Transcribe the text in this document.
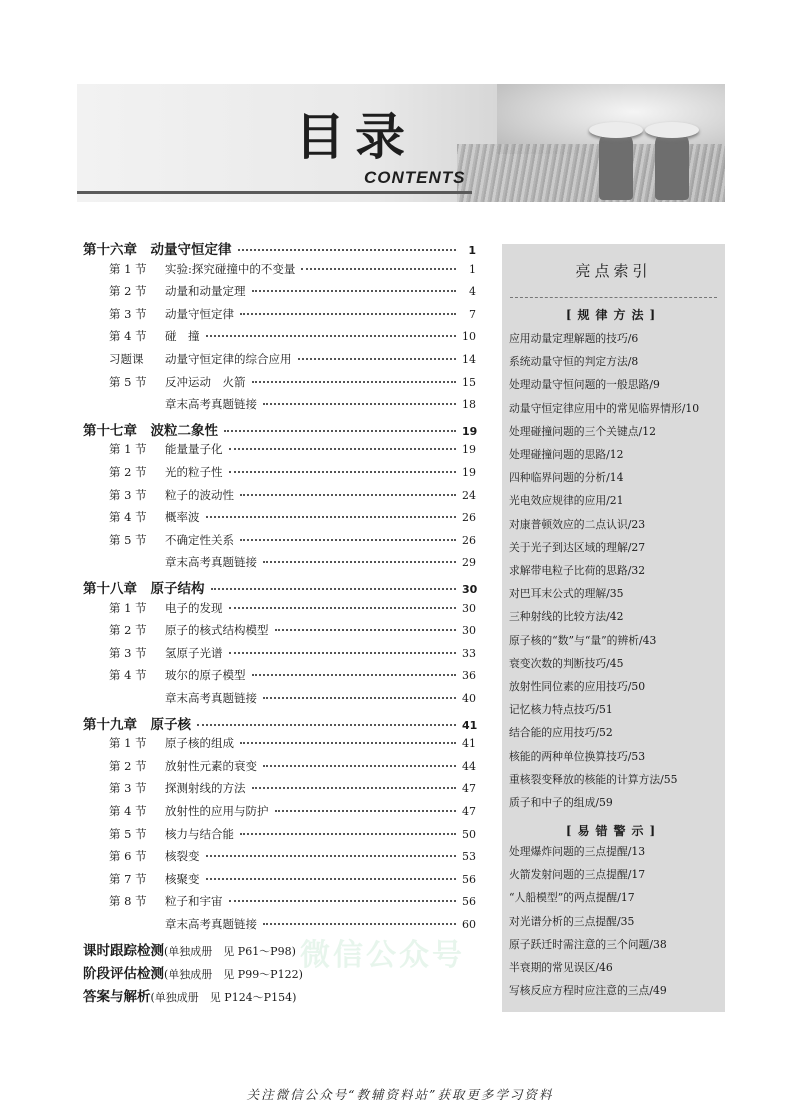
目录
CONTENTS
第十六章　动量守恒定律	1
第 1 节 实验:探究碰撞中的不变量	1
第 2 节 动量和动量定理	4
第 3 节 动量守恒定律	7
第 4 节 碰　撞	10
习题课 动量守恒定律的综合应用	14
第 5 节 反冲运动　火箭	15
章末高考真题链接	18
第十七章　波粒二象性	19
第 1 节 能量量子化	19
第 2 节 光的粒子性	19
第 3 节 粒子的波动性	24
第 4 节 概率波	26
第 5 节 不确定性关系	26
章末高考真题链接	29
第十八章　原子结构	30
第 1 节 电子的发现	30
第 2 节 原子的核式结构模型	30
第 3 节 氢原子光谱	33
第 4 节 玻尔的原子模型	36
章末高考真题链接	40
第十九章　原子核	41
第 1 节 原子核的组成	41
第 2 节 放射性元素的衰变	44
第 3 节 探测射线的方法	47
第 4 节 放射性的应用与防护	47
第 5 节 核力与结合能	50
第 6 节 核裂变	53
第 7 节 核聚变	56
第 8 节 粒子和宇宙	56
章末高考真题链接	60
课时跟踪检测 (单独成册　见 P61～P98)
阶段评估检测 (单独成册　见 P99～P122)
答案与解析 (单独成册　见 P124～P154)
亮点索引
[规律方法]
应用动量定理解题的技巧/6
系统动量守恒的判定方法/8
处理动量守恒问题的一般思路/9
动量守恒定律应用中的常见临界情形/10
处理碰撞问题的三个关键点/12
处理碰撞问题的思路/12
四种临界问题的分析/14
光电效应规律的应用/21
对康普顿效应的二点认识/23
关于光子到达区域的理解/27
求解带电粒子比荷的思路/32
对巴耳末公式的理解/35
三种射线的比较方法/42
原子核的“数”与“量”的辨析/43
衰变次数的判断技巧/45
放射性同位素的应用技巧/50
记忆核力特点技巧/51
结合能的应用技巧/52
核能的两种单位换算技巧/53
重核裂变释放的核能的计算方法/55
质子和中子的组成/59
[易错警示]
处理爆炸问题的三点提醒/13
火箭发射问题的三点提醒/17
“人船模型”的两点提醒/17
对光谱分析的三点提醒/35
原子跃迁时需注意的三个问题/38
半衰期的常见误区/46
写核反应方程时应注意的三点/49
微信公众号
关注微信公众号“教辅资料站”获取更多学习资料
